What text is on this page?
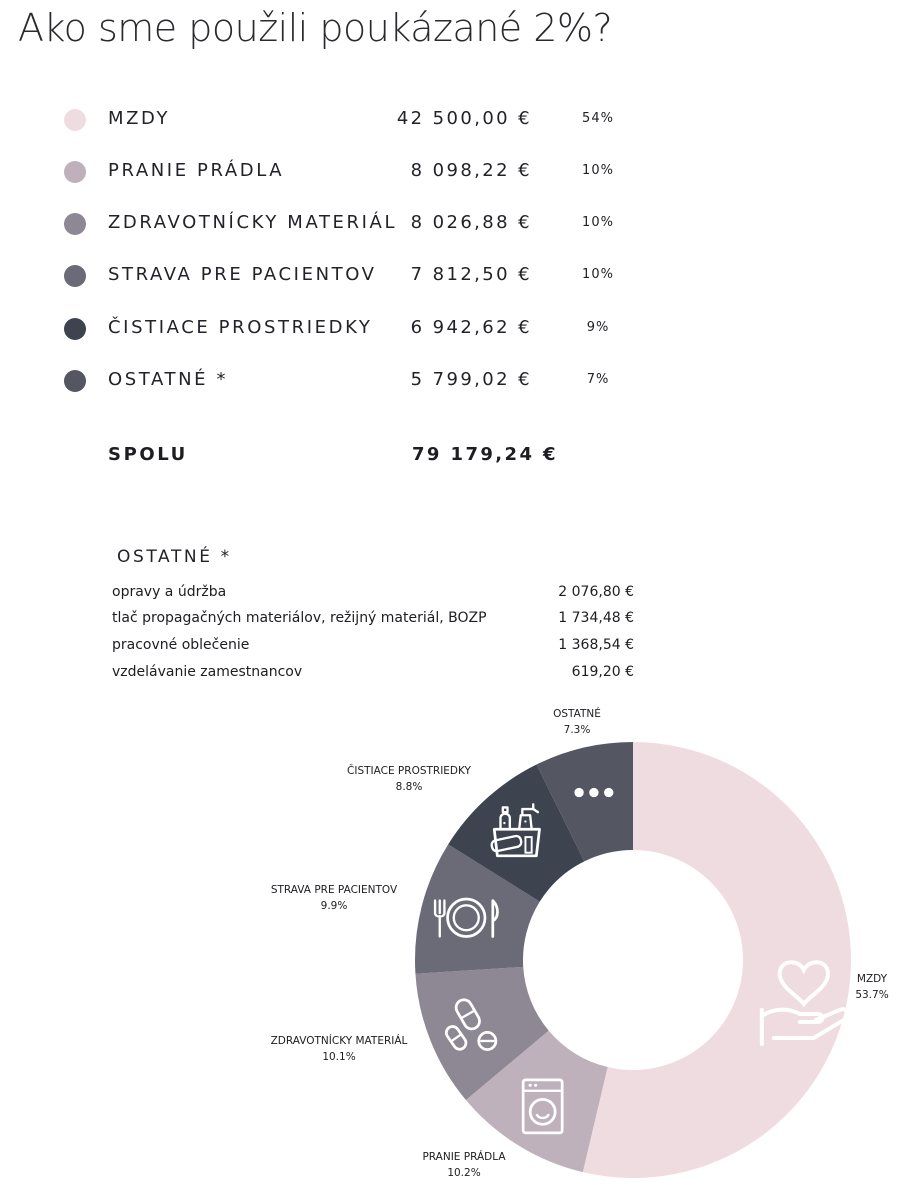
Ako sme použili poukázané 2%?
MZDY	42 500,00 €	54%
PRANIE PRÁDLA	8 098,22 €	10%
ZDRAVOTNÍCKY MATERIÁL 8 026,88 €	10%
STRAVA PRE PACIENTOV 7 812,50 €	10%
ČISTIACE PROSTRIEDKY 6 942,62 €	9%
OSTATNÉ *	5 799,02 €	7%
SPOLU	79 179,24 €
OSTATNÉ *
opravy a údržba	2 076,80 €
tlač propagačných materiálov, režijný materiál, BOZP	1 734,48 €
pracovné oblečenie	1 368,54 €
vzdelávanie zamestnancov	619,20 €
MZDY
53.7%
PRANIE PRÁDLA
10.2%
ZDRAVOTNÍCKY MATERIÁL
10.1%
STRAVA PRE PACIENTOV
9.9%
ČISTIACE PROSTRIEDKY
8.8%
OSTATNÉ
7.3%
